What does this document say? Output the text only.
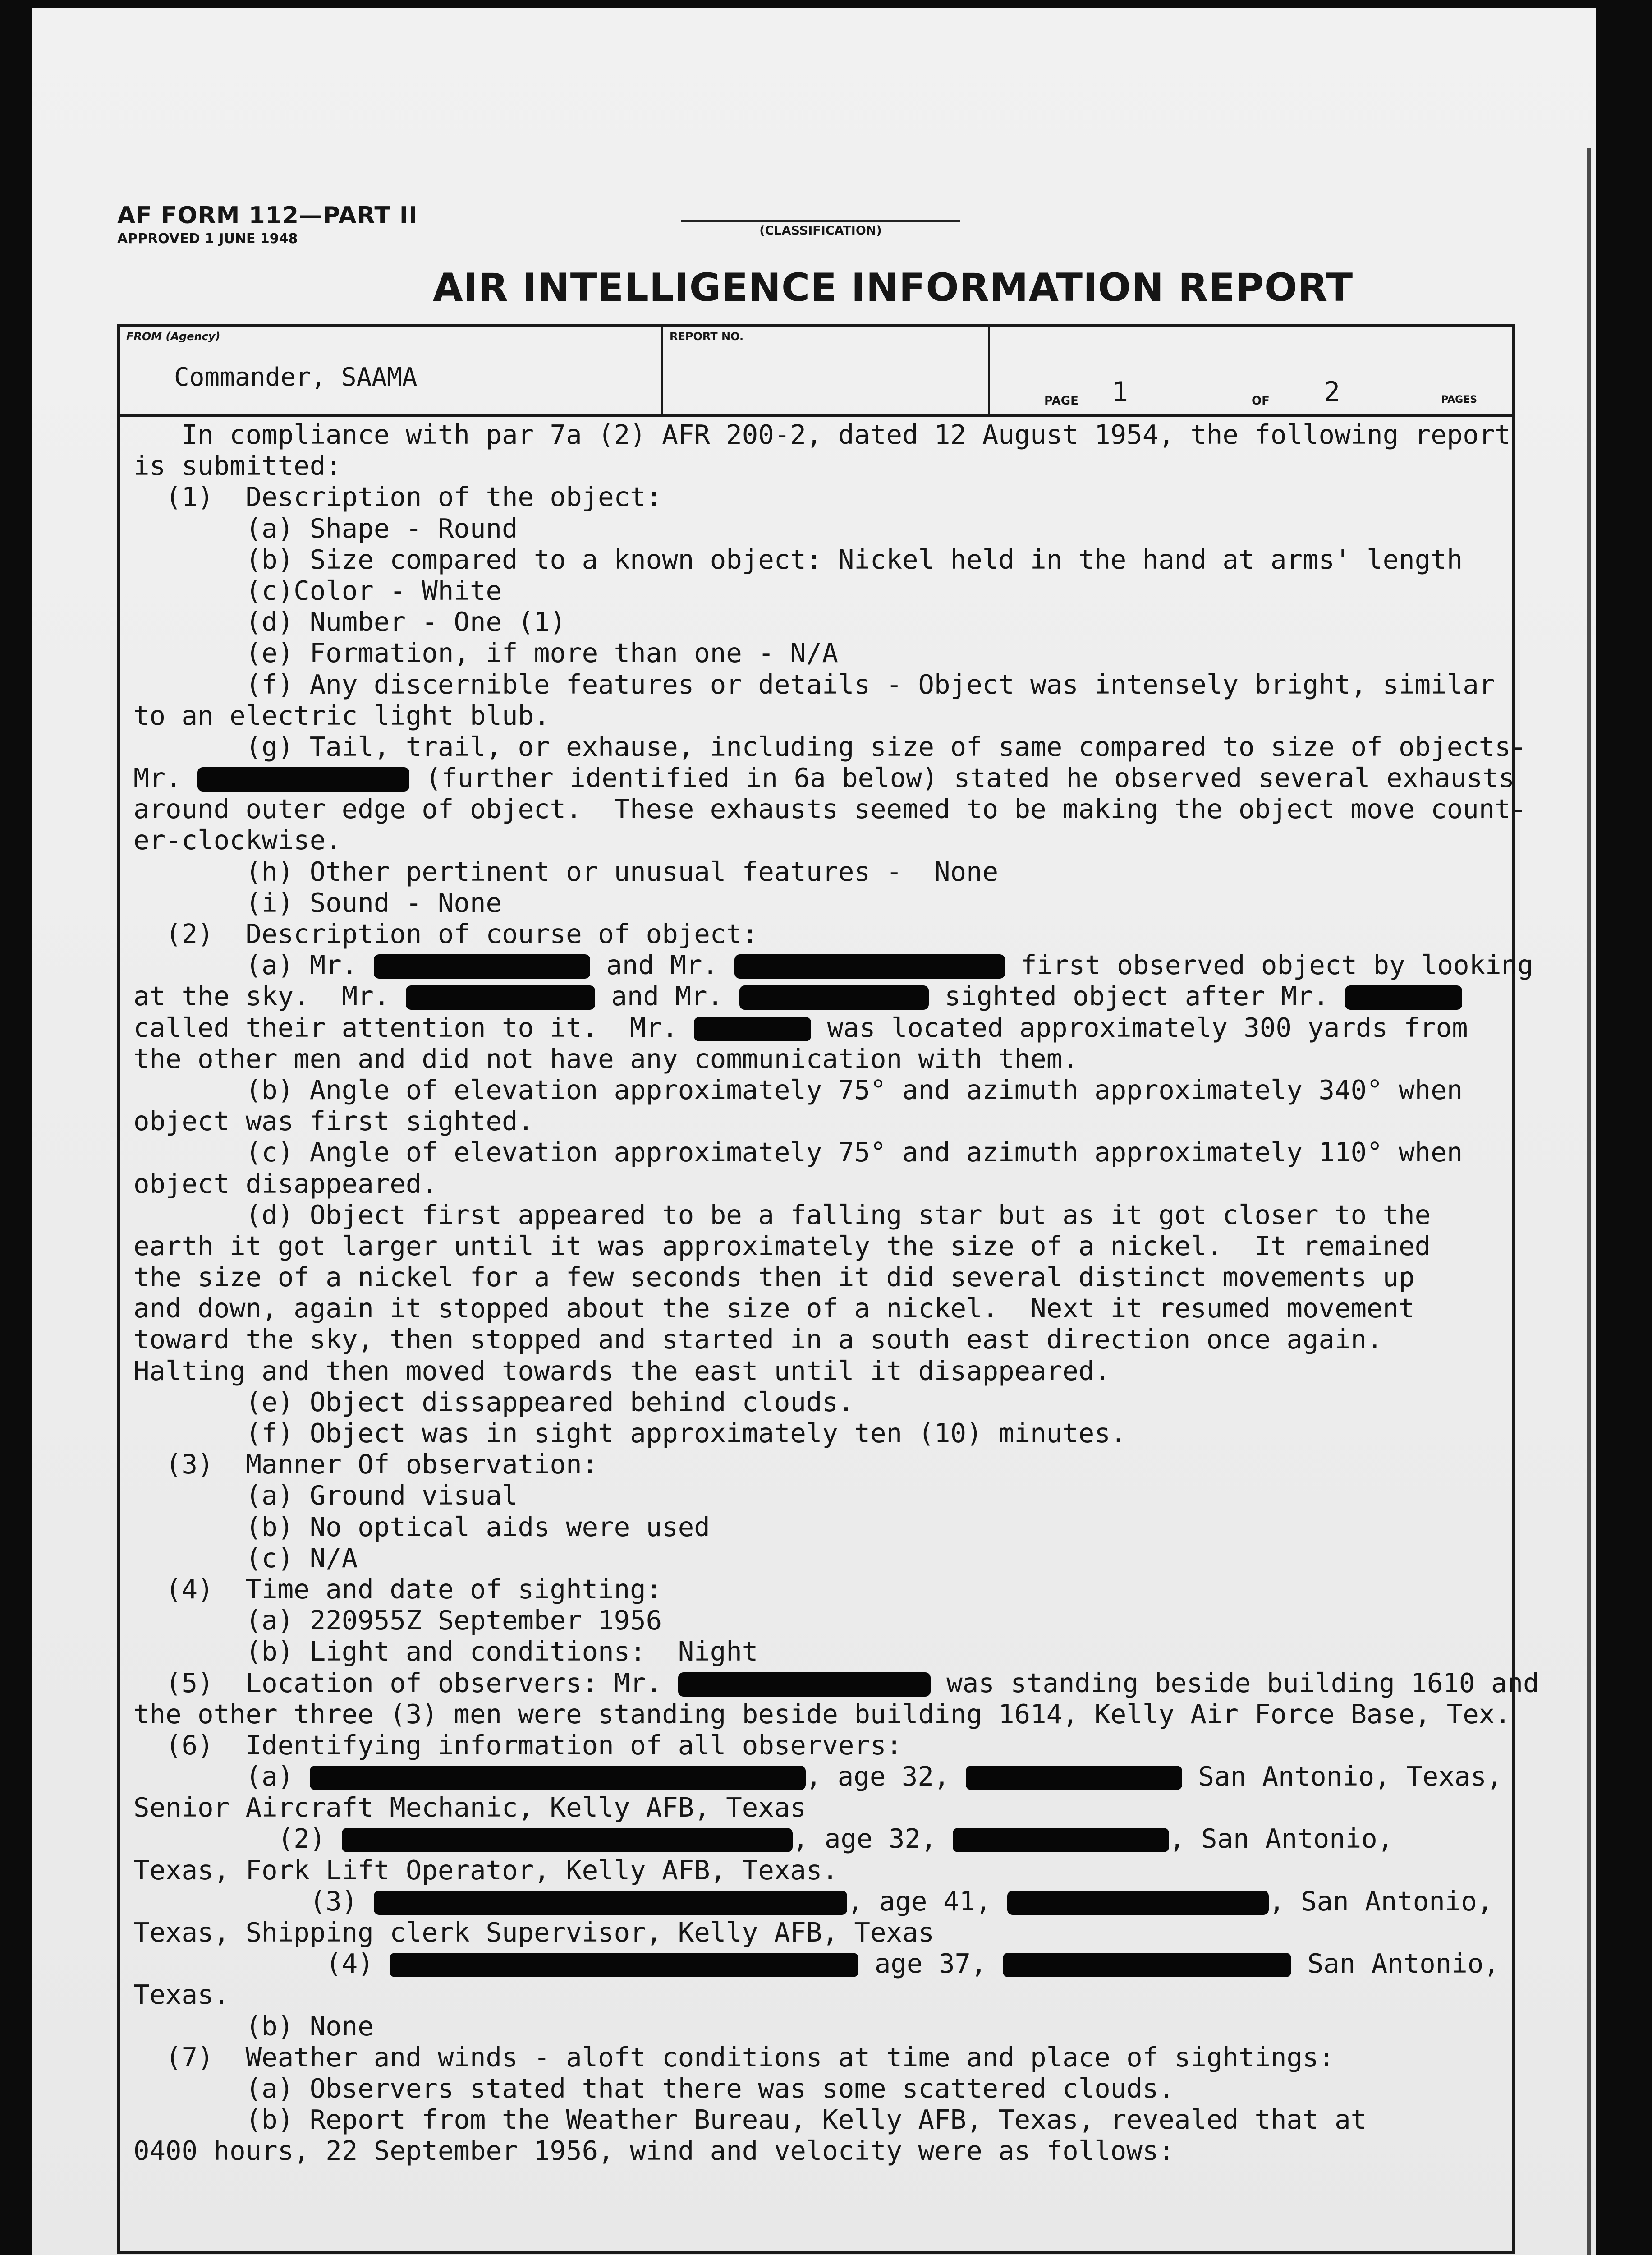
AF FORM 112—PART II
APPROVED 1 JUNE 1948
(CLASSIFICATION)
AIR INTELLIGENCE INFORMATION REPORT
FROM (Agency)
Commander, SAAMA
REPORT NO.
PAGE 1	OF 2	PAGES
In compliance with par 7a (2) AFR 200-2, dated 12 August 1954, the following report
is submitted:
(1)  Description of the object:
(a) Shape - Round
(b) Size compared to a known object: Nickel held in the hand at arms' length
(c)Color - White
(d) Number - One (1)
(e) Formation, if more than one - N/A
(f) Any discernible features or details - Object was intensely bright, similar
to an electric light blub.
(g) Tail, trail, or exhause, including size of same compared to size of objects-
Mr.	(further identified in 6a below) stated he observed several exhausts
around outer edge of object.  These exhausts seemed to be making the object move count-
er-clockwise.
(h) Other pertinent or unusual features -  None
(i) Sound - None
(2)  Description of course of object:
(a) Mr.	and Mr.	first observed object by looking
at the sky.  Mr.	and Mr.	sighted object after Mr.
called their attention to it.  Mr.	was located approximately 300 yards from
the other men and did not have any communication with them.
(b) Angle of elevation approximately 75° and azimuth approximately 340° when
object was first sighted.
(c) Angle of elevation approximately 75° and azimuth approximately 110° when
object disappeared.
(d) Object first appeared to be a falling star but as it got closer to the
earth it got larger until it was approximately the size of a nickel.  It remained
the size of a nickel for a few seconds then it did several distinct movements up
and down, again it stopped about the size of a nickel.  Next it resumed movement
toward the sky, then stopped and started in a south east direction once again.
Halting and then moved towards the east until it disappeared.
(e) Object dissappeared behind clouds.
(f) Object was in sight approximately ten (10) minutes.
(3)  Manner Of observation:
(a) Ground visual
(b) No optical aids were used
(c) N/A
(4)  Time and date of sighting:
(a) 220955Z September 1956
(b) Light and conditions:  Night
(5)  Location of observers: Mr.	was standing beside building 1610 and
the other three (3) men were standing beside building 1614, Kelly Air Force Base, Tex.
(6)  Identifying information of all observers:
(a)	, age 32,	San Antonio, Texas,
Senior Aircraft Mechanic, Kelly AFB, Texas
(2)	, age 32,	, San Antonio,
Texas, Fork Lift Operator, Kelly AFB, Texas.
(3)	, age 41,	, San Antonio,
Texas, Shipping clerk Supervisor, Kelly AFB, Texas
(4)	age 37,	San Antonio,
Texas.
(b) None
(7)  Weather and winds - aloft conditions at time and place of sightings:
(a) Observers stated that there was some scattered clouds.
(b) Report from the Weather Bureau, Kelly AFB, Texas, revealed that at
0400 hours, 22 September 1956, wind and velocity were as follows:
